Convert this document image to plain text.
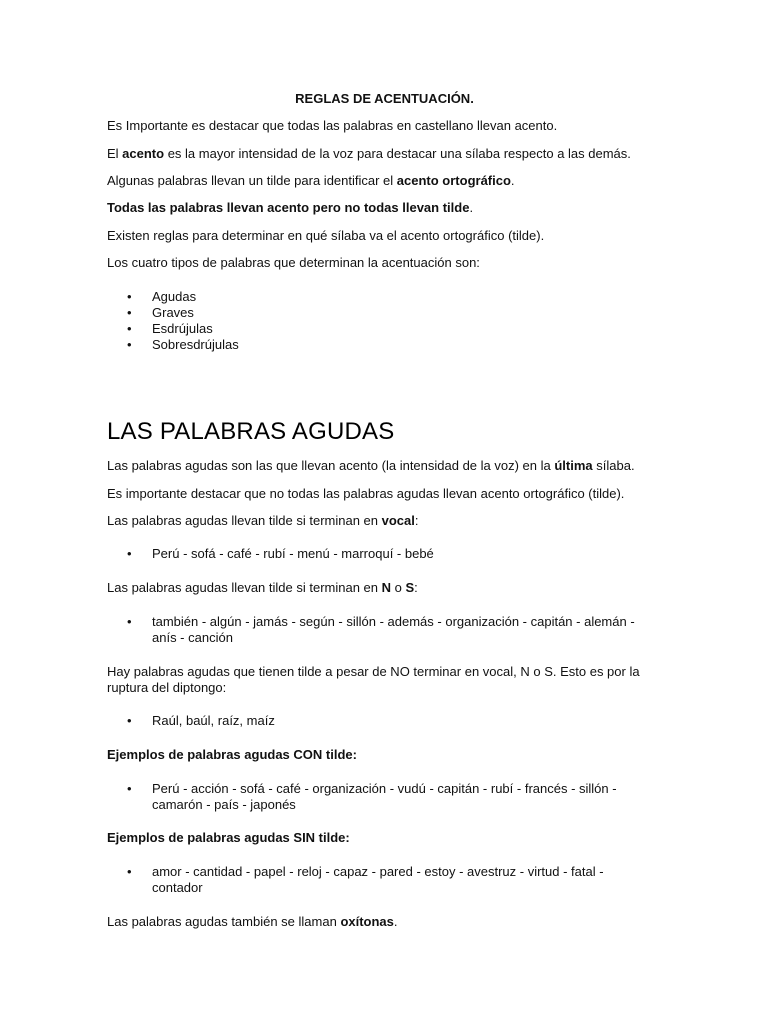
REGLAS DE ACENTUACIÓN.

Es Importante es destacar que todas las palabras en castellano llevan acento.

El acento es la mayor intensidad de la voz para destacar una sílaba respecto a las demás.

Algunas palabras llevan un tilde para identificar el acento ortográfico.

Todas las palabras llevan acento pero no todas llevan tilde.

Existen reglas para determinar en qué sílaba va el acento ortográfico (tilde).

Los cuatro tipos de palabras que determinan la acentuación son:

• Agudas
• Graves
• Esdrújulas
• Sobresdrújulas
LAS PALABRAS AGUDAS

Las palabras agudas son las que llevan acento (la intensidad de la voz) en la última sílaba.

Es importante destacar que no todas las palabras agudas llevan acento ortográfico (tilde).

Las palabras agudas llevan tilde si terminan en vocal:

• Perú - sofá - café - rubí - menú - marroquí - bebé

Las palabras agudas llevan tilde si terminan en N o S:

• también - algún - jamás - según - sillón - además - organización - capitán - alemán - anís - canción

Hay palabras agudas que tienen tilde a pesar de NO terminar en vocal, N o S. Esto es por la ruptura del diptongo:

• Raúl, baúl, raíz, maíz

Ejemplos de palabras agudas CON tilde:

• Perú - acción - sofá - café - organización - vudú - capitán - rubí - francés - sillón - camarón - país - japonés

Ejemplos de palabras agudas SIN tilde:

• amor - cantidad - papel - reloj - capaz - pared - estoy - avestruz - virtud - fatal - contador

Las palabras agudas también se llaman oxítonas.
